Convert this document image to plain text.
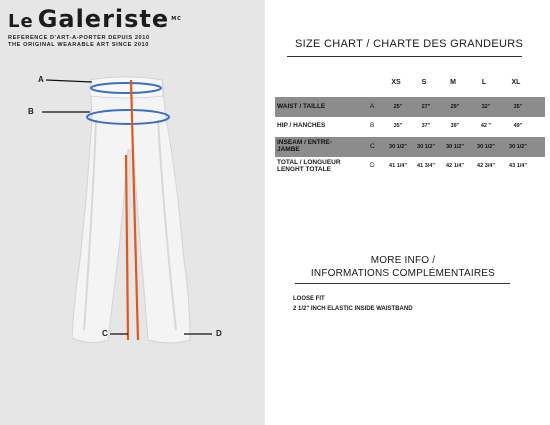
Le Galeriste $^{MC}$
REFERENCE D'ART-A-PORTER DEPUIS 2010
THE ORIGINAL WEARABLE ART SINCE 2010
A
B
C	D
SIZE CHART / CHARTE DES GRANDEURS
XS	S	M	L	XL
WAIST / TAILLE	A	25"	27"	29"	32"	35"
HIP / HANCHES	B	35"	37"	39"	42 "	49"
INSEAM / ENTRE-
JAMBE	C	30 1/2"	30 1/2"	30 1/2"	30 1/2"	30 1/2"
TOTAL / LONGUEUR
LENGHT TOTALE
D	41 1/4"	41 3/4"	42 1/4"	42 3/4"	43 1/4"
MORE INFO /
INFORMATIONS COMPLÉMENTAIRES
LOOSE FIT
2 1/2" INCH ELASTIC INSIDE WAISTBAND
